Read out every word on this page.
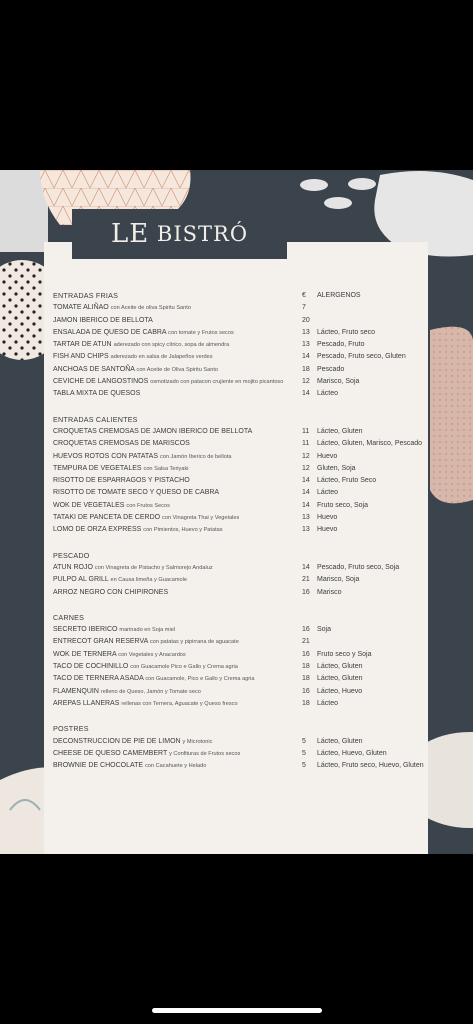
LE
BISTRÓ
ENTRADAS FRIAS	€ ALERGENOS
TOMATE ALIÑAO con Aceite de oliva Spiritu Santo	7
JAMON IBERICO DE BELLOTA	20
ENSALADA DE QUESO DE CABRA con tomate y Frutos secos	13 Lácteo, Fruto seco
TARTAR DE ATUN aderezado con spicy cítrico, sopa de almendra	13 Pescado, Fruto
FISH AND CHIPS aderezado en salsa de Jalapeños verdes	14 Pescado, Fruto seco, Gluten
ANCHOAS DE SANTOÑA con Aceite de Oliva Spiritu Santo	18 Pescado
CEVICHE DE LANGOSTINOS osmotizado con patacon crujiente en mojito picantoso	12 Marisco, Soja
TABLA MIXTA DE QUESOS	14 Lácteo
ENTRADAS CALIENTES
CROQUETAS CREMOSAS DE JAMON IBERICO DE BELLOTA	11 Lácteo, Gluten
CROQUETAS CREMOSAS DE MARISCOS	11 Lácteo, Gluten, Marisco, Pescado
HUEVOS ROTOS CON PATATAS con Jamón Iberico de bellota	12 Huevo
TEMPURA DE VEGETALES con Salsa Teriyaki	12 Gluten, Soja
RISOTTO DE ESPARRAGOS Y PISTACHO	14 Lácteo, Fruto Seco
RISOTTO DE TOMATE SECO Y QUESO DE CABRA	14 Lácteo
WOK DE VEGETALES con Frutos Secos	14 Fruto seco, Soja
TATAKI DE PANCETA DE CERDO con Vinagreta Thai y Vegetales	13 Huevo
LOMO DE ORZA EXPRESS con Pimientos, Huevo y Patatas	13 Huevo
PESCADO
ATUN ROJO con Vinagreta de Pistacho y Salmorejo Andaluz	14 Pescado, Fruto seco, Soja
PULPO AL GRILL en Causa limeña y Guacamole	21 Marisco, Soja
ARROZ NEGRO CON CHIPIRONES	16 Marisco
CARNES
SECRETO IBERICO marinado en Soja miel	16 Soja
ENTRECOT GRAN RESERVA con patatas y pipirrana de aguacate	21
WOK DE TERNERA con Vegetales y Anacardos	16 Fruto seco y Soja
TACO DE COCHINILLO con Guacamole Pico e Gallo y Crema agria	18 Lácteo, Gluten
TACO DE TERNERA ASADA con Guacamole, Pico e Gallo y Crema agria	18 Lácteo, Gluten
FLAMENQUIN relleno de Queso, Jamón y Tomate seco	16 Lácteo, Huevo
AREPAS LLANERAS rellenas con Ternera, Aguacate y Queso fresco	18 Lácteo
POSTRES
DECONSTRUCCION DE PIE DE LIMON y Microtonic	5 Lácteo, Gluten
CHEESE DE QUESO CAMEMBERT y Confituras de Frutos secos	5 Lácteo, Huevo, Gluten
BROWNIE DE CHOCOLATE con Cacahuete y Helado	5 Lácteo, Fruto seco, Huevo, Gluten
